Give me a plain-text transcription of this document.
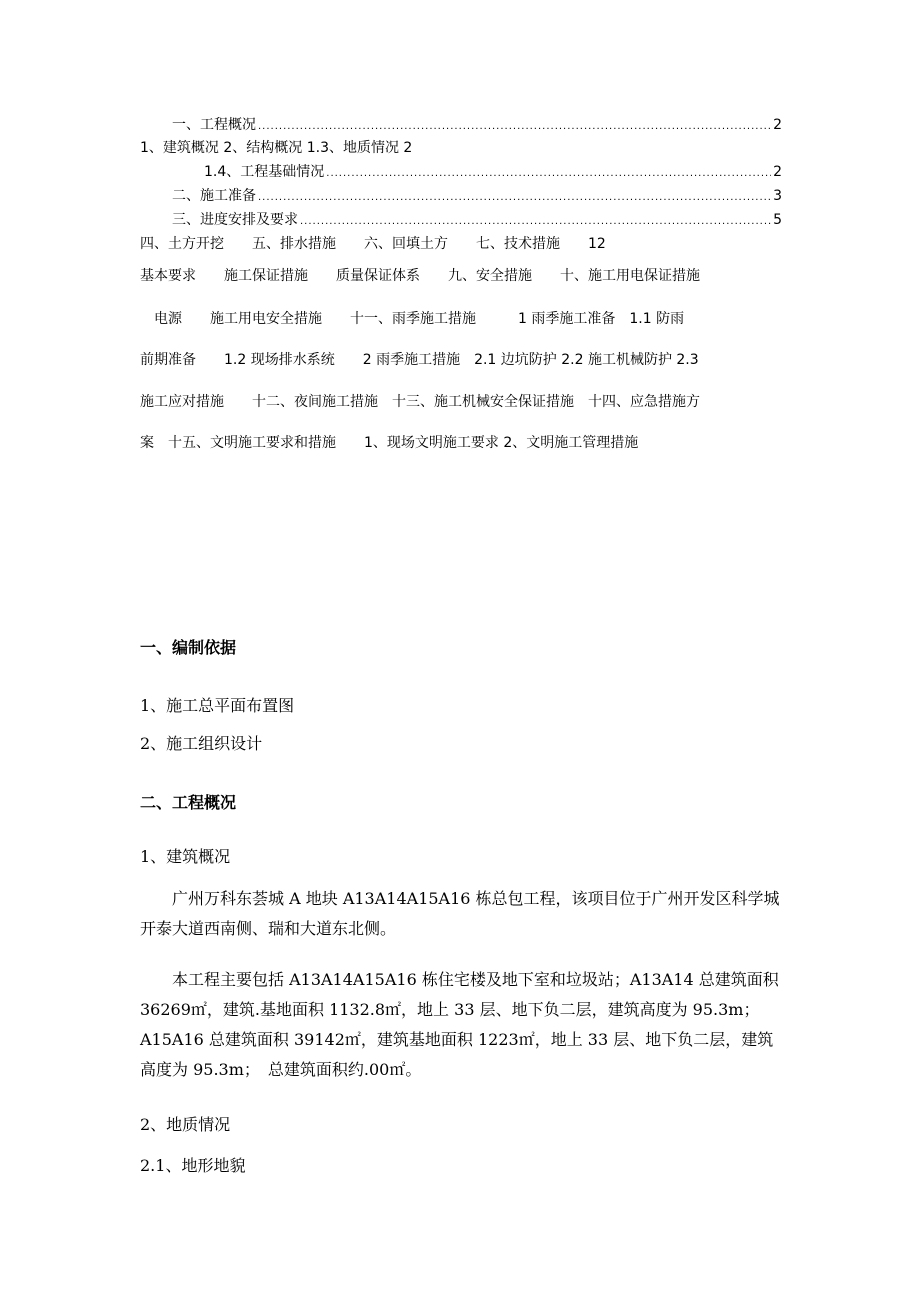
一、工程概况 .....	2
1、建筑概况 2、结构概况 1.3、地质情况 2
1.4、工程基础情况 .....	2
二、施工准备 .....	3
三、进度安排及要求 .....	5
四、土方开挖　　五、排水措施　　六、回填土方　　七、技术措施　　12
基本要求　　施工保证措施　　质量保证体系　　九、安全措施　　十、施工用电保证措施
　电源　　施工用电安全措施　　十一、雨季施工措施　　　1 雨季施工准备　1.1 防雨
前期准备　　1.2 现场排水系统　　2 雨季施工措施　2.1 边坑防护 2.2 施工机械防护 2.3
施工应对措施　　十二、夜间施工措施　十三、施工机械安全保证措施　十四、应急措施方
案　十五、文明施工要求和措施　　1、现场文明施工要求 2、文明施工管理措施
一、编制依据
1、施工总平面布置图
2、施工组织设计
二、工程概况
1、建筑概况
广州万科东荟城 A 地块 A13A14A15A16 栋总包工程，该项目位于广州开发区科学城开泰大道西南侧、瑞和大道东北侧。
本工程主要包括 A13A14A15A16 栋住宅楼及地下室和垃圾站；A13A14 总建筑面积 36269㎡，建筑.基地面积 1132.8㎡，地上 33 层、地下负二层，建筑高度为 95.3m；　A15A16 总建筑面积 39142㎡，建筑基地面积 1223㎡，地上 33 层、地下负二层，建筑高度为 95.3m；　总建筑面积约.00㎡。
2、地质情况
2.1、地形地貌
